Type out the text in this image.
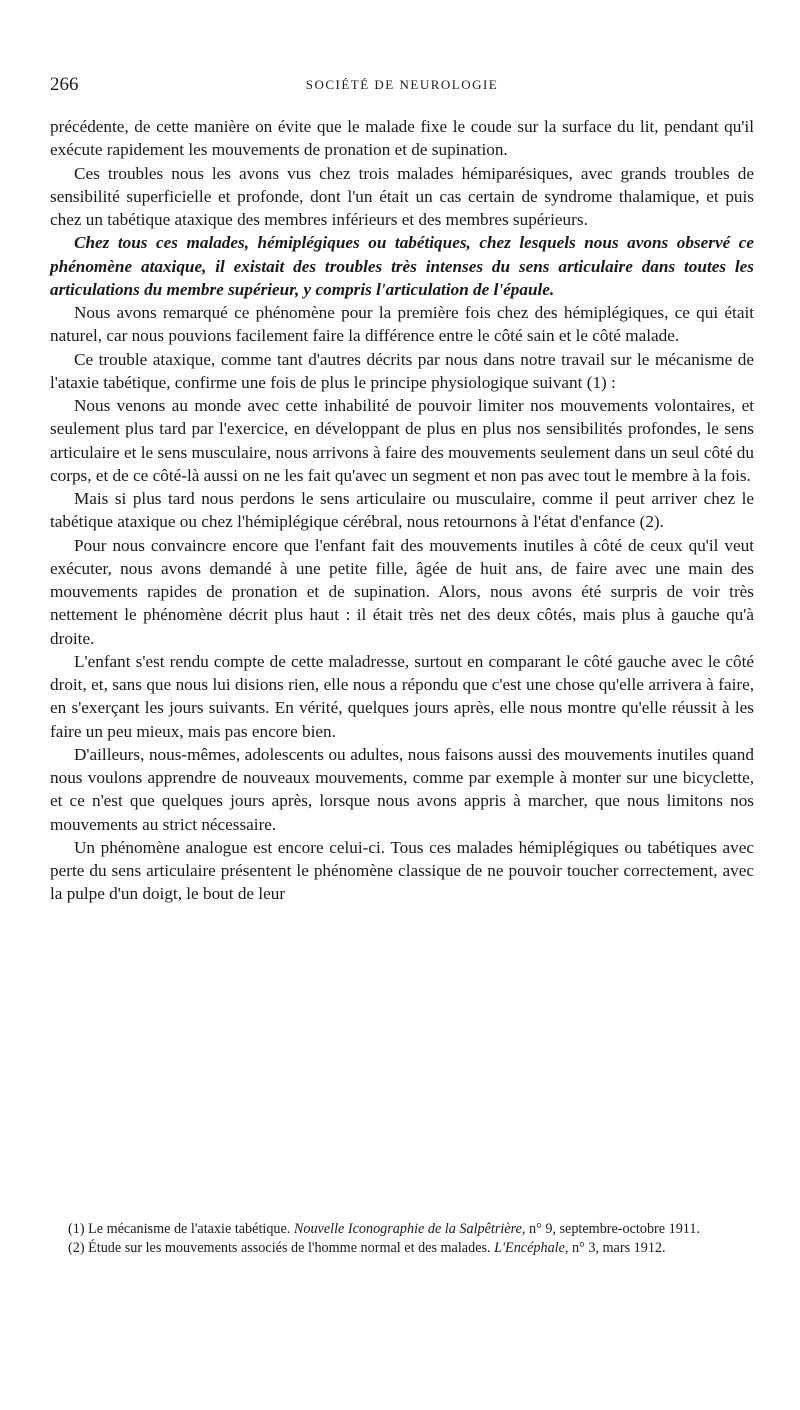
266	SOCIÉTÉ DE NEUROLOGIE

précédente, de cette manière on évite que le malade fixe le coude sur la surface du lit, pendant qu'il exécute rapidement les mouvements de pronation et de supination.

Ces troubles nous les avons vus chez trois malades hémiparésiques, avec grands troubles de sensibilité superficielle et profonde, dont l'un était un cas certain de syndrome thalamique, et puis chez un tabétique ataxique des membres inférieurs et des membres supérieurs.

Chez tous ces malades, hémiplégiques ou tabétiques, chez lesquels nous avons observé ce phénomène ataxique, il existait des troubles très intenses du sens articulaire dans toutes les articulations du membre supérieur, y compris l'articulation de l'épaule.

Nous avons remarqué ce phénomène pour la première fois chez des hémiplégiques, ce qui était naturel, car nous pouvions facilement faire la différence entre le côté sain et le côté malade.

Ce trouble ataxique, comme tant d'autres décrits par nous dans notre travail sur le mécanisme de l'ataxie tabétique, confirme une fois de plus le principe physiologique suivant (1) :

Nous venons au monde avec cette inhabilité de pouvoir limiter nos mouvements volontaires, et seulement plus tard par l'exercice, en développant de plus en plus nos sensibilités profondes, le sens articulaire et le sens musculaire, nous arrivons à faire des mouvements seulement dans un seul côté du corps, et de ce côté-là aussi on ne les fait qu'avec un segment et non pas avec tout le membre à la fois.

Mais si plus tard nous perdons le sens articulaire ou musculaire, comme il peut arriver chez le tabétique ataxique ou chez l'hémiplégique cérébral, nous retournons à l'état d'enfance (2).

Pour nous convaincre encore que l'enfant fait des mouvements inutiles à côté de ceux qu'il veut exécuter, nous avons demandé à une petite fille, âgée de huit ans, de faire avec une main des mouvements rapides de pronation et de supination. Alors, nous avons été surpris de voir très nettement le phénomène décrit plus haut : il était très net des deux côtés, mais plus à gauche qu'à droite.

L'enfant s'est rendu compte de cette maladresse, surtout en comparant le côté gauche avec le côté droit, et, sans que nous lui disions rien, elle nous a répondu que c'est une chose qu'elle arrivera à faire, en s'exerçant les jours suivants. En vérité, quelques jours après, elle nous montre qu'elle réussit à les faire un peu mieux, mais pas encore bien.

D'ailleurs, nous-mêmes, adolescents ou adultes, nous faisons aussi des mouvements inutiles quand nous voulons apprendre de nouveaux mouvements, comme par exemple à monter sur une bicyclette, et ce n'est que quelques jours après, lorsque nous avons appris à marcher, que nous limitons nos mouvements au strict nécessaire.

Un phénomène analogue est encore celui-ci. Tous ces malades hémiplégiques ou tabétiques avec perte du sens articulaire présentent le phénomène classique de ne pouvoir toucher correctement, avec la pulpe d'un doigt, le bout de leur

(1) Le mécanisme de l'ataxie tabétique. Nouvelle Iconographie de la Salpêtrière, n° 9, septembre-octobre 1911.

(2) Étude sur les mouvements associés de l'homme normal et des malades. L'Encéphale, n° 3, mars 1912.
